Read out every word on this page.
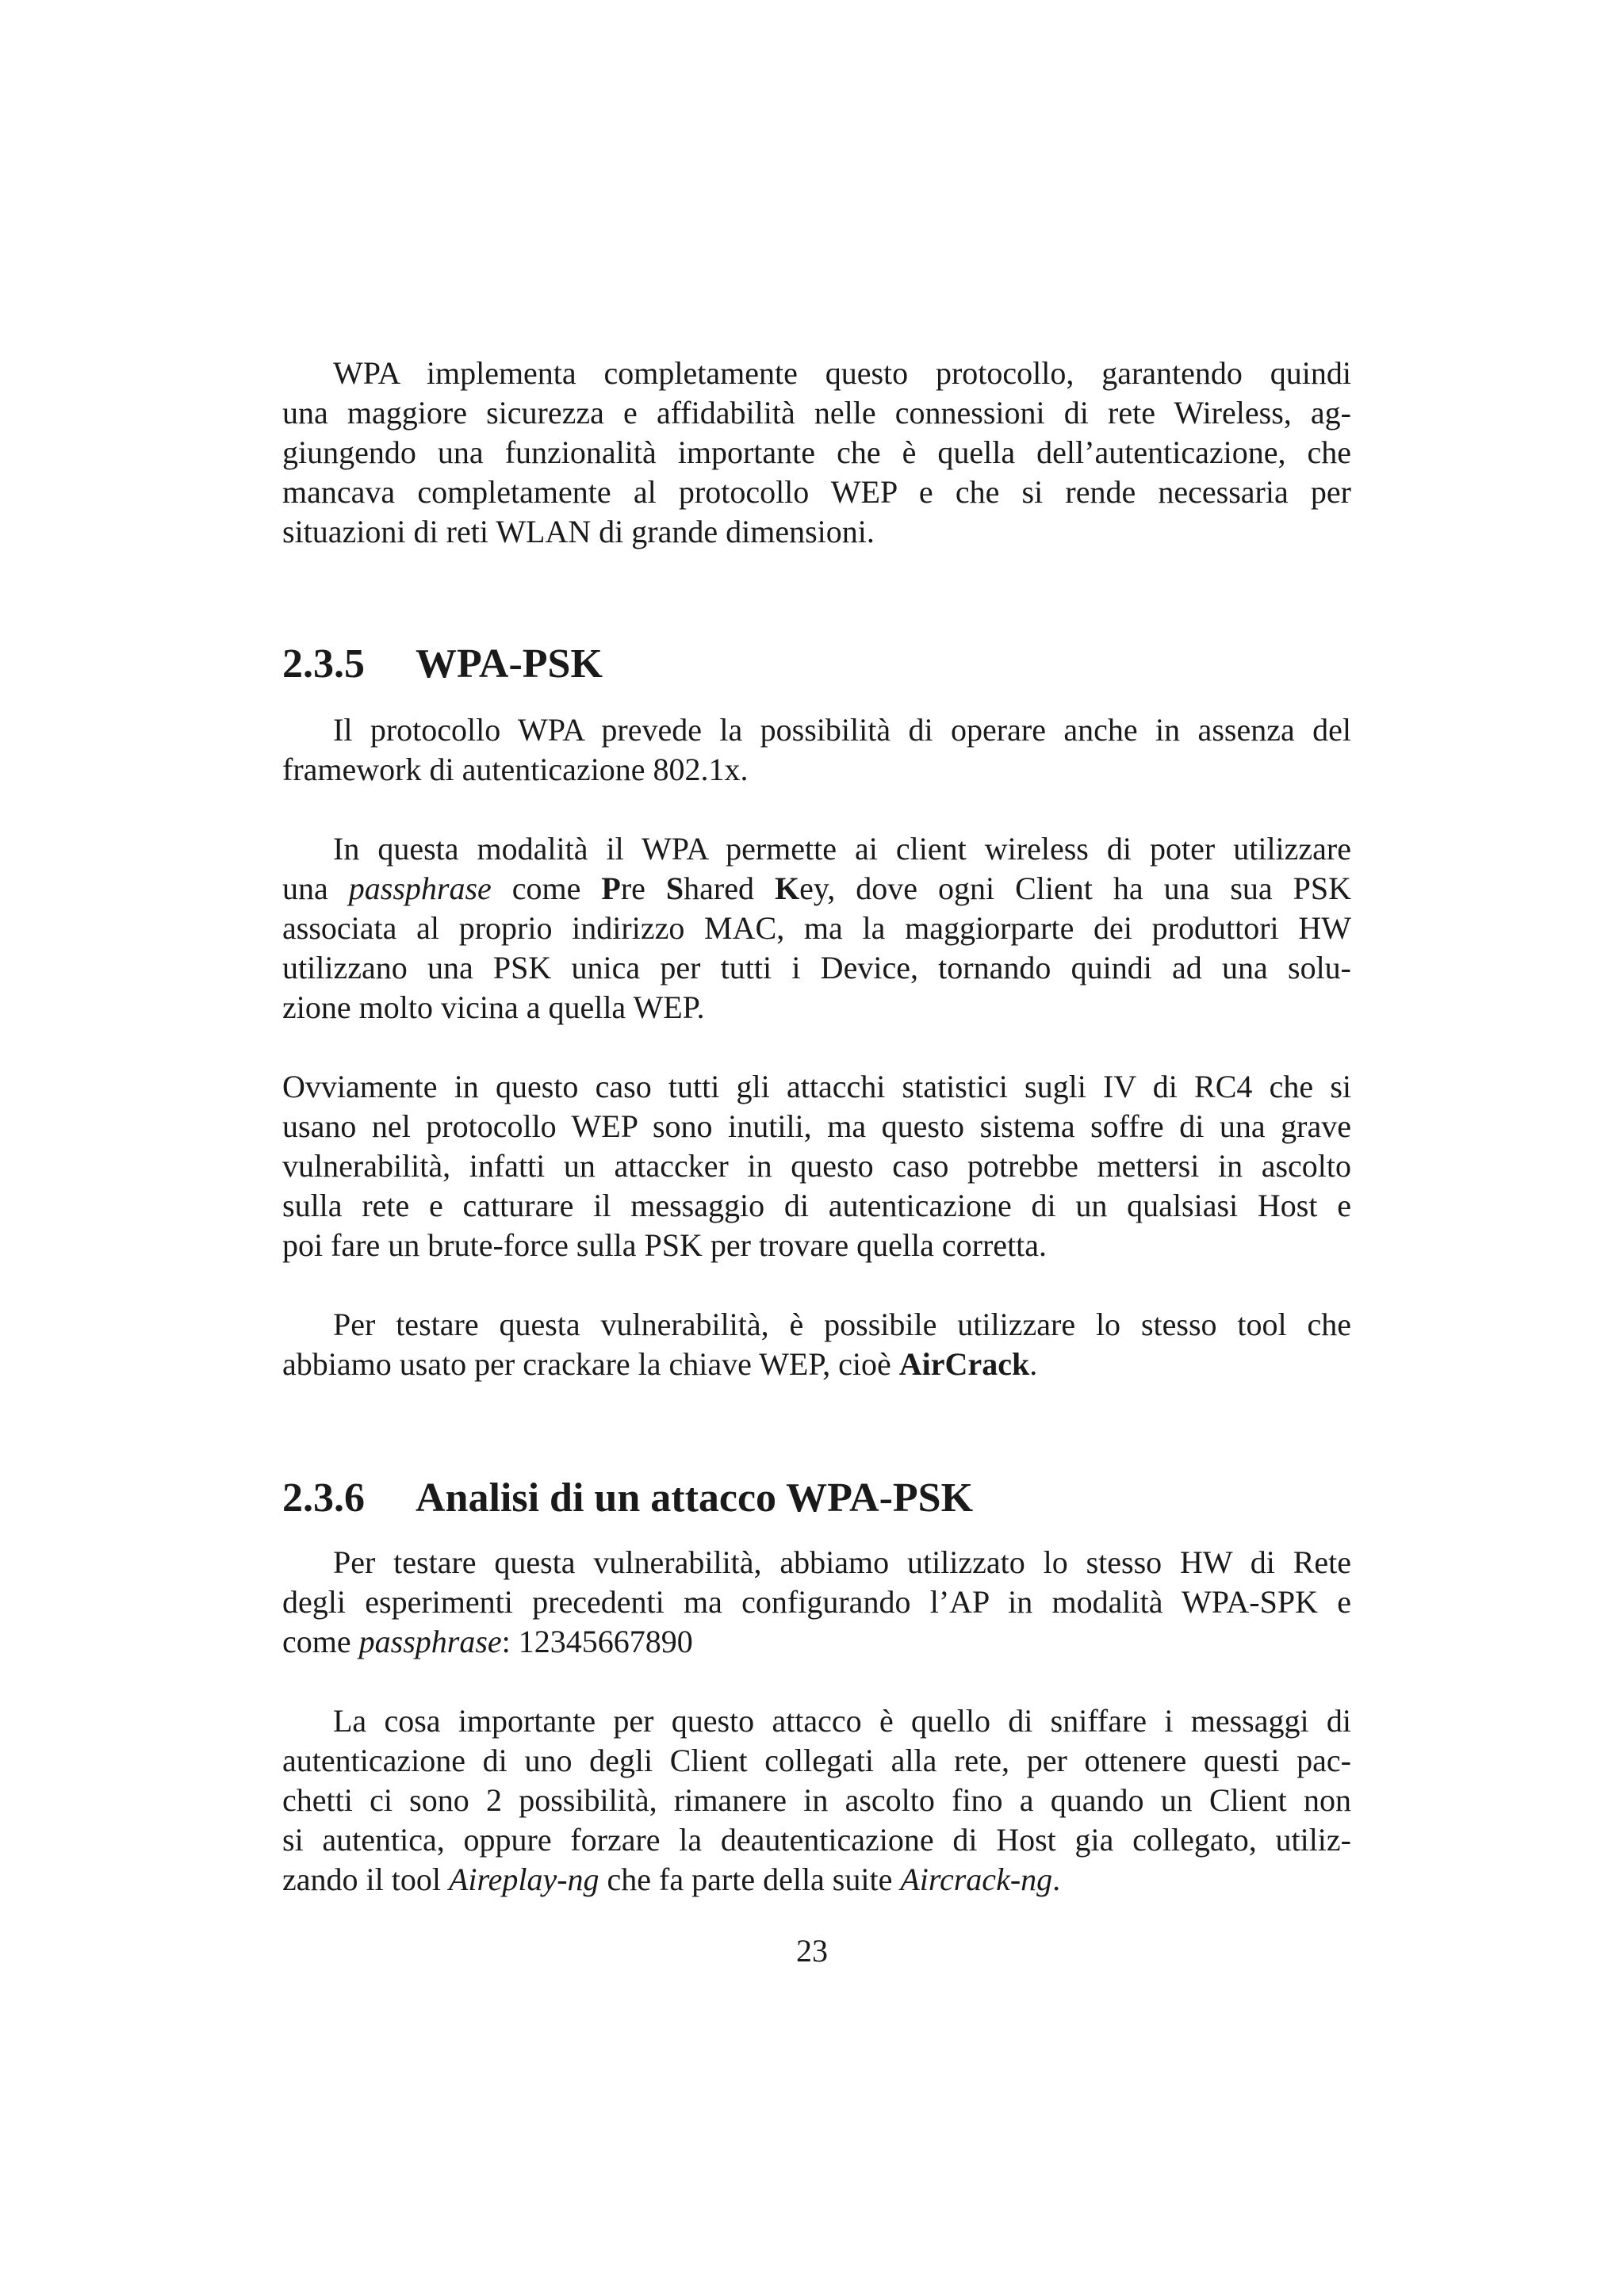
WPA implementa completamente questo protocollo, garantendo quindi
una maggiore sicurezza e affidabilità nelle connessioni di rete Wireless, ag-
giungendo una funzionalità importante che è quella dell’autenticazione, che
mancava completamente al protocollo WEP e che si rende necessaria per
situazioni di reti WLAN di grande dimensioni.
2.3.5 WPA-PSK
Il protocollo WPA prevede la possibilità di operare anche in assenza del
framework di autenticazione 802.1x.
In questa modalità il WPA permette ai client wireless di poter utilizzare
una passphrase come Pre Shared Key, dove ogni Client ha una sua PSK
associata al proprio indirizzo MAC, ma la maggiorparte dei produttori HW
utilizzano una PSK unica per tutti i Device, tornando quindi ad una solu-
zione molto vicina a quella WEP.
Ovviamente in questo caso tutti gli attacchi statistici sugli IV di RC4 che si
usano nel protocollo WEP sono inutili, ma questo sistema soffre di una grave
vulnerabilità, infatti un attaccker in questo caso potrebbe mettersi in ascolto
sulla rete e catturare il messaggio di autenticazione di un qualsiasi Host e
poi fare un brute-force sulla PSK per trovare quella corretta.
Per testare questa vulnerabilità, è possibile utilizzare lo stesso tool che
abbiamo usato per crackare la chiave WEP, cioè AirCrack.
2.3.6 Analisi di un attacco WPA-PSK
Per testare questa vulnerabilità, abbiamo utilizzato lo stesso HW di Rete
degli esperimenti precedenti ma configurando l’AP in modalità WPA-SPK e
come passphrase: 12345667890
La cosa importante per questo attacco è quello di sniffare i messaggi di
autenticazione di uno degli Client collegati alla rete, per ottenere questi pac-
chetti ci sono 2 possibilità, rimanere in ascolto fino a quando un Client non
si autentica, oppure forzare la deautenticazione di Host gia collegato, utiliz-
zando il tool Aireplay-ng che fa parte della suite Aircrack-ng.
23
